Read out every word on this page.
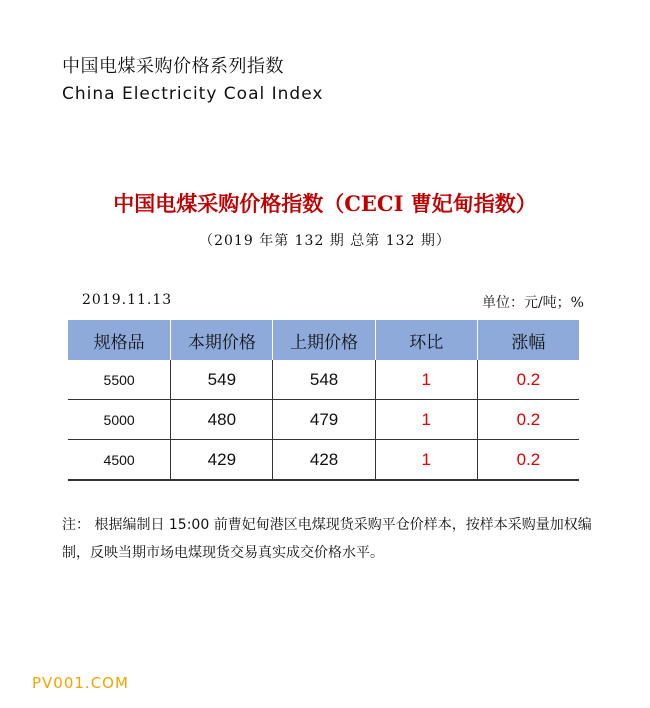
中国电煤采购价格系列指数
China Electricity Coal Index
中国电煤采购价格指数（CECI 曹妃甸指数）
（2019 年第 132 期 总第 132 期）
2019.11.13	单位：元/吨；%
规格品	本期价格	上期价格	环比	涨幅
5500	549	548	1	0.2
5000	480	479	1	0.2
4500	429	428	1	0.2
注： 根据编制日 15:00 前曹妃甸港区电煤现货采购平仓价样本，按样本采购量加权编制，反映当期市场电煤现货交易真实成交价格水平。
PV001.COM
